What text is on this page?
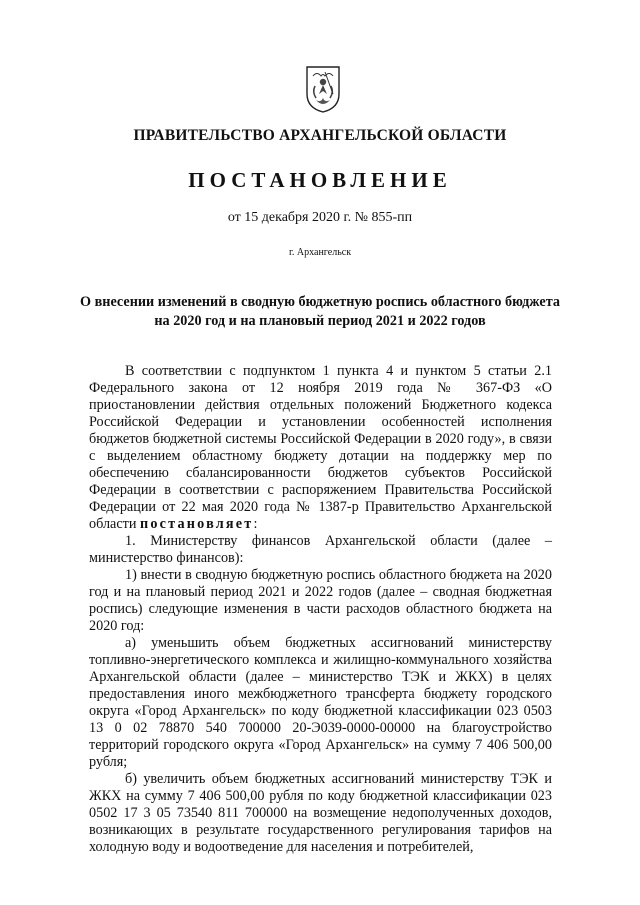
ПРАВИТЕЛЬСТВО АРХАНГЕЛЬСКОЙ ОБЛАСТИ
ПОСТАНОВЛЕНИЕ
от 15 декабря 2020 г. № 855-пп
г. Архангельск
О внесении изменений в сводную бюджетную роспись областного бюджета на 2020 год и на плановый период 2021 и 2022 годов

В соответствии с подпунктом 1 пункта 4 и пунктом 5 статьи 2.1 Федерального закона от 12 ноября 2019 года № 367-ФЗ «О приостановлении действия отдельных положений Бюджетного кодекса Российской Федерации и установлении особенностей исполнения бюджетов бюджетной системы Российской Федерации в 2020 году», в связи с выделением областному бюджету дотации на поддержку мер по обеспечению сбалансированности бюджетов субъектов Российской Федерации в соответствии с распоряжением Правительства Российской Федерации от 22 мая 2020 года № 1387-р Правительство Архангельской области постановляет:

1. Министерству финансов Архангельской области (далее – министерство финансов):

1) внести в сводную бюджетную роспись областного бюджета на 2020 год и на плановый период 2021 и 2022 годов (далее – сводная бюджетная роспись) следующие изменения в части расходов областного бюджета на 2020 год:

а) уменьшить объем бюджетных ассигнований министерству топливно-энергетического комплекса и жилищно-коммунального хозяйства Архангельской области (далее – министерство ТЭК и ЖКХ) в целях предоставления иного межбюджетного трансферта бюджету городского округа «Город Архангельск» по коду бюджетной классификации 023 0503 13 0 02 78870 540 700000 20-Э039-0000-00000 на благоустройство территорий городского округа «Город Архангельск» на сумму 7 406 500,00 рубля;

б) увеличить объем бюджетных ассигнований министерству ТЭК и ЖКХ на сумму 7 406 500,00 рубля по коду бюджетной классификации 023 0502 17 3 05 73540 811 700000 на возмещение недополученных доходов, возникающих в результате государственного регулирования тарифов на холодную воду и водоотведение для населения и потребителей,
